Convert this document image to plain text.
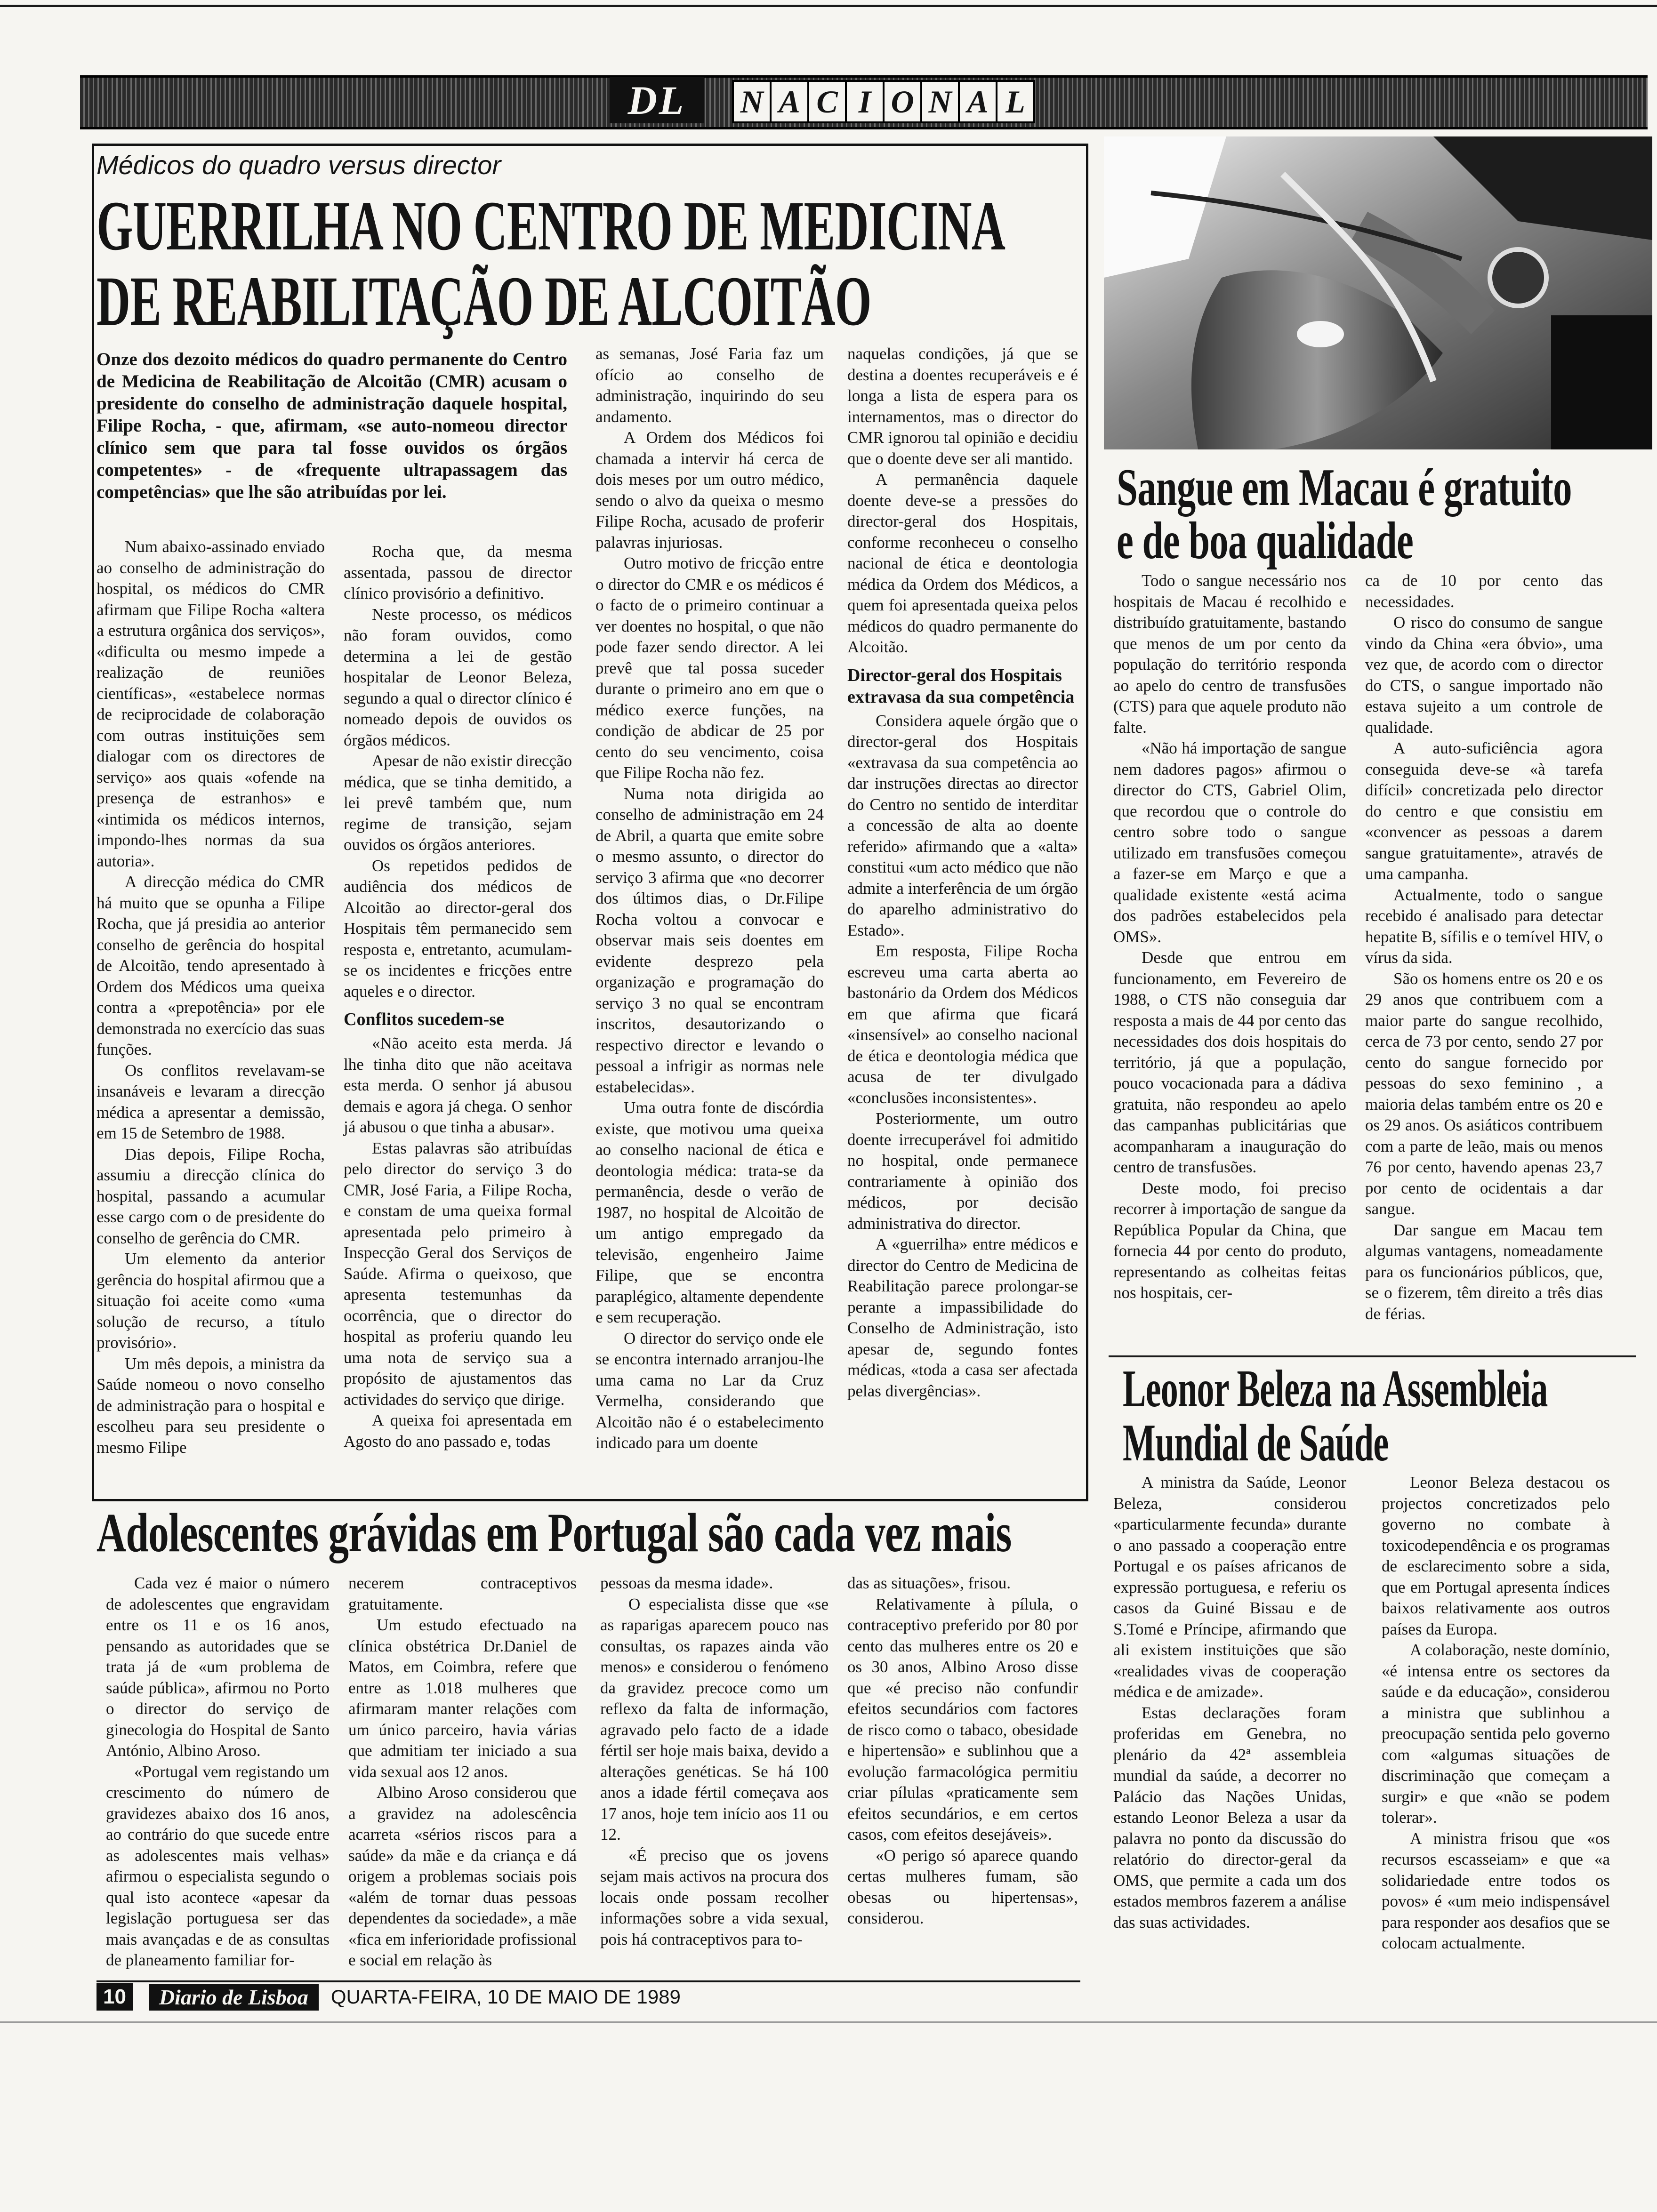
DL N A C I O N A L
Médicos do quadro versus director
GUERRILHA NO CENTRO DE MEDICINA
DE REABILITAÇÃO DE ALCOITÃO

Onze dos dezoito médicos do quadro permanente do Centro de Medicina de Reabilitação de Alcoitão (CMR) acusam o presidente do conselho de administração daquele hospital, Filipe Rocha, - que, afirmam, «se auto-nomeou director clínico sem que para tal fosse ouvidos os órgãos competentes» - de «frequente ultrapassagem das competências» que lhe são atribuídas por lei.

Num abaixo-assinado enviado ao conselho de administração do hospital, os médicos do CMR afirmam que Filipe Rocha «altera a estrutura orgânica dos serviços», «dificulta ou mesmo impede a realização de reuniões científicas», «estabelece normas de reciprocidade de colaboração com outras instituições sem dialogar com os directores de serviço» aos quais «ofende na presença de estranhos» e «intimida os médicos internos, impondo-lhes normas da sua autoria».

A direcção médica do CMR há muito que se opunha a Filipe Rocha, que já presidia ao anterior conselho de gerência do hospital de Alcoitão, tendo apresentado à Ordem dos Médicos uma queixa contra a «prepotência» por ele demonstrada no exercício das suas funções.

Os conflitos revelavam-se insanáveis e levaram a direcção médica a apresentar a demissão, em 15 de Setembro de 1988.

Dias depois, Filipe Rocha, assumiu a direcção clínica do hospital, passando a acumular esse cargo com o de presidente do conselho de gerência do CMR.

Um elemento da anterior gerência do hospital afirmou que a situação foi aceite como «uma solução de recurso, a título provisório».

Um mês depois, a ministra da Saúde nomeou o novo conselho de administração para o hospital e escolheu para seu presidente o mesmo Filipe

Rocha que, da mesma assentada, passou de director clínico provisório a definitivo.

Neste processo, os médicos não foram ouvidos, como determina a lei de gestão hospitalar de Leonor Beleza, segundo a qual o director clínico é nomeado depois de ouvidos os órgãos médicos.

Apesar de não existir direcção médica, que se tinha demitido, a lei prevê também que, num regime de transição, sejam ouvidos os órgãos anteriores.

Os repetidos pedidos de audiência dos médicos de Alcoitão ao director-geral dos Hospitais têm permanecido sem resposta e, entretanto, acumulam-se os incidentes e fricções entre aqueles e o director.

Conflitos sucedem-se

«Não aceito esta merda. Já lhe tinha dito que não aceitava esta merda. O senhor já abusou demais e agora já chega. O senhor já abusou o que tinha a abusar».

Estas palavras são atribuídas pelo director do serviço 3 do CMR, José Faria, a Filipe Rocha, e constam de uma queixa formal apresentada pelo primeiro à Inspecção Geral dos Serviços de Saúde. Afirma o queixoso, que apresenta testemunhas da ocorrência, que o director do hospital as proferiu quando leu uma nota de serviço sua a propósito de ajustamentos das actividades do serviço que dirige.

A queixa foi apresentada em Agosto do ano passado e, todas

as semanas, José Faria faz um ofício ao conselho de administração, inquirindo do seu andamento.

A Ordem dos Médicos foi chamada a intervir há cerca de dois meses por um outro médico, sendo o alvo da queixa o mesmo Filipe Rocha, acusado de proferir palavras injuriosas.

Outro motivo de fricção entre o director do CMR e os médicos é o facto de o primeiro continuar a ver doentes no hospital, o que não pode fazer sendo director. A lei prevê que tal possa suceder durante o primeiro ano em que o médico exerce funções, na condição de abdicar de 25 por cento do seu vencimento, coisa que Filipe Rocha não fez.

Numa nota dirigida ao conselho de administração em 24 de Abril, a quarta que emite sobre o mesmo assunto, o director do serviço 3 afirma que «no decorrer dos últimos dias, o Dr.Filipe Rocha voltou a convocar e observar mais seis doentes em evidente desprezo pela organização e programação do serviço 3 no qual se encontram inscritos, desautorizando o respectivo director e levando o pessoal a infrigir as normas nele estabelecidas».

Uma outra fonte de discórdia existe, que motivou uma queixa ao conselho nacional de ética e deontologia médica: trata-se da permanência, desde o verão de 1987, no hospital de Alcoitão de um antigo empregado da televisão, engenheiro Jaime Filipe, que se encontra paraplégico, altamente dependente e sem recuperação.

O director do serviço onde ele se encontra internado arranjou-lhe uma cama no Lar da Cruz Vermelha, considerando que Alcoitão não é o estabelecimento indicado para um doente

naquelas condições, já que se destina a doentes recuperáveis e é longa a lista de espera para os internamentos, mas o director do CMR ignorou tal opinião e decidiu que o doente deve ser ali mantido.

A permanência daquele doente deve-se a pressões do director-geral dos Hospitais, conforme reconheceu o conselho nacional de ética e deontologia médica da Ordem dos Médicos, a quem foi apresentada queixa pelos médicos do quadro permanente do Alcoitão.

Director-geral dos Hospitais extravasa da sua competência

Considera aquele órgão que o director-geral dos Hospitais «extravasa da sua competência ao dar instruções directas ao director do Centro no sentido de interditar a concessão de alta ao doente referido» afirmando que a «alta» constitui «um acto médico que não admite a interferência de um órgão do aparelho administrativo do Estado».

Em resposta, Filipe Rocha escreveu uma carta aberta ao bastonário da Ordem dos Médicos em que afirma que ficará «insensível» ao conselho nacional de ética e deontologia médica que acusa de ter divulgado «conclusões inconsistentes».

Posteriormente, um outro doente irrecuperável foi admitido no hospital, onde permanece contrariamente à opinião dos médicos, por decisão administrativa do director.

A «guerrilha» entre médicos e director do Centro de Medicina de Reabilitação parece prolongar-se perante a impassibilidade do Conselho de Administração, isto apesar de, segundo fontes médicas, «toda a casa ser afectada pelas divergências».

Sangue em Macau é gratuito
e de boa qualidade

Todo o sangue necessário nos hospitais de Macau é recolhido e distribuído gratuitamente, bastando que menos de um por cento da população do território responda ao apelo do centro de transfusões (CTS) para que aquele produto não falte.

«Não há importação de sangue nem dadores pagos» afirmou o director do CTS, Gabriel Olim, que recordou que o controle do centro sobre todo o sangue utilizado em transfusões começou a fazer-se em Março e que a qualidade existente «está acima dos padrões estabelecidos pela OMS».

Desde que entrou em funcionamento, em Fevereiro de 1988, o CTS não conseguia dar resposta a mais de 44 por cento das necessidades dos dois hospitais do território, já que a população, pouco vocacionada para a dádiva gratuita, não respondeu ao apelo das campanhas publicitárias que acompanharam a inauguração do centro de transfusões.

Deste modo, foi preciso recorrer à importação de sangue da República Popular da China, que fornecia 44 por cento do produto, representando as colheitas feitas nos hospitais, cer-

ca de 10 por cento das necessidades.

O risco do consumo de sangue vindo da China «era óbvio», uma vez que, de acordo com o director do CTS, o sangue importado não estava sujeito a um controle de qualidade.

A auto-suficiência agora conseguida deve-se «à tarefa difícil» concretizada pelo director do centro e que consistiu em «convencer as pessoas a darem sangue gratuitamente», através de uma campanha.

Actualmente, todo o sangue recebido é analisado para detectar hepatite B, sífilis e o temível HIV, o vírus da sida.

São os homens entre os 20 e os 29 anos que contribuem com a maior parte do sangue recolhido, cerca de 73 por cento, sendo 27 por cento do sangue fornecido por pessoas do sexo feminino , a maioria delas também entre os 20 e os 29 anos. Os asiáticos contribuem com a parte de leão, mais ou menos 76 por cento, havendo apenas 23,7 por cento de ocidentais a dar sangue.

Dar sangue em Macau tem algumas vantagens, nomeadamente para os funcionários públicos, que, se o fizerem, têm direito a três dias de férias.

Leonor Beleza na Assembleia
Mundial de Saúde

A ministra da Saúde, Leonor Beleza, considerou «particularmente fecunda» durante o ano passado a cooperação entre Portugal e os países africanos de expressão portuguesa, e referiu os casos da Guiné Bissau e de S.Tomé e Príncipe, afirmando que ali existem instituições que são «realidades vivas de cooperação médica e de amizade».

Estas declarações foram proferidas em Genebra, no plenário da 42ª assembleia mundial da saúde, a decorrer no Palácio das Nações Unidas, estando Leonor Beleza a usar da palavra no ponto da discussão do relatório do director-geral da OMS, que permite a cada um dos estados membros fazerem a análise das suas actividades.

Leonor Beleza destacou os projectos concretizados pelo governo no combate à toxicodependência e os programas de esclarecimento sobre a sida, que em Portugal apresenta índices baixos relativamente aos outros países da Europa.

A colaboração, neste domínio, «é intensa entre os sectores da saúde e da educação», considerou a ministra que sublinhou a preocupação sentida pelo governo com «algumas situações de discriminação que começam a surgir» e que «não se podem tolerar».

A ministra frisou que «os recursos escasseiam» e que «a solidariedade entre todos os povos» é «um meio indispensável para responder aos desafios que se colocam actualmente.

Adolescentes grávidas em Portugal são cada vez mais

Cada vez é maior o número de adolescentes que engravidam entre os 11 e os 16 anos, pensando as autoridades que se trata já de «um problema de saúde pública», afirmou no Porto o director do serviço de ginecologia do Hospital de Santo António, Albino Aroso.

«Portugal vem registando um crescimento do número de gravidezes abaixo dos 16 anos, ao contrário do que sucede entre as adolescentes mais velhas» afirmou o especialista segundo o qual isto acontece «apesar da legislação portuguesa ser das mais avançadas e de as consultas de planeamento familiar for-

necerem contraceptivos gratuitamente.

Um estudo efectuado na clínica obstétrica Dr.Daniel de Matos, em Coimbra, refere que entre as 1.018 mulheres que afirmaram manter relações com um único parceiro, havia várias que admitiam ter iniciado a sua vida sexual aos 12 anos.

Albino Aroso considerou que a gravidez na adolescência acarreta «sérios riscos para a saúde» da mãe e da criança e dá origem a problemas sociais pois «além de tornar duas pessoas dependentes da sociedade», a mãe «fica em inferioridade profissional e social em relação às

pessoas da mesma idade».

O especialista disse que «se as raparigas aparecem pouco nas consultas, os rapazes ainda vão menos» e considerou o fenómeno da gravidez precoce como um reflexo da falta de informação, agravado pelo facto de a idade fértil ser hoje mais baixa, devido a alterações genéticas. Se há 100 anos a idade fértil começava aos 17 anos, hoje tem início aos 11 ou 12.

«É preciso que os jovens sejam mais activos na procura dos locais onde possam recolher informações sobre a vida sexual, pois há contraceptivos para to-

das as situações», frisou.

Relativamente à pílula, o contraceptivo preferido por 80 por cento das mulheres entre os 20 e os 30 anos, Albino Aroso disse que «é preciso não confundir efeitos secundários com factores de risco como o tabaco, obesidade e hipertensão» e sublinhou que a evolução farmacológica permitiu criar pílulas «praticamente sem efeitos secundários, e em certos casos, com efeitos desejáveis».

«O perigo só aparece quando certas mulheres fumam, são obesas ou hipertensas», considerou.

10	Diario de Lisboa	QUARTA-FEIRA, 10 DE MAIO DE 1989
